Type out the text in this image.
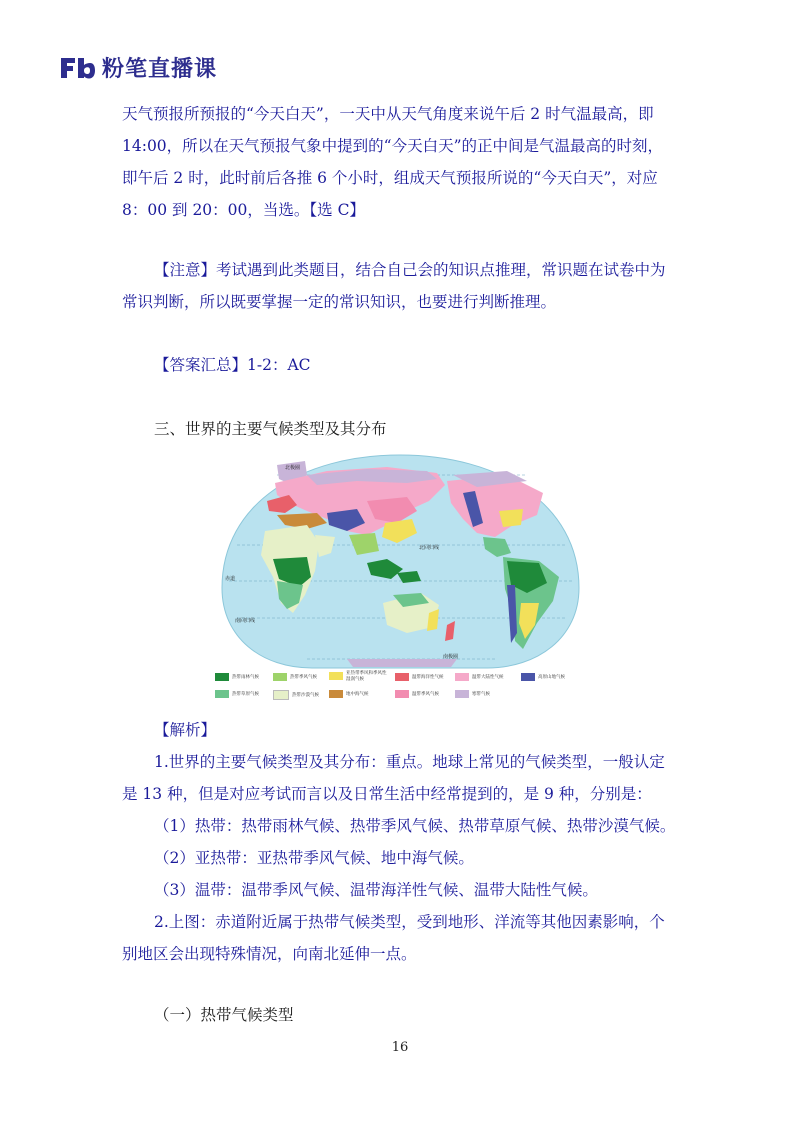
粉笔直播课
天气预报所预报的“今天白天”，一天中从天气角度来说午后 2 时气温最高，即
14:00，所以在天气预报气象中提到的“今天白天”的正中间是气温最高的时刻，
即午后 2 时，此时前后各推 6 个小时，组成天气预报所说的“今天白天”，对应
8：00 到 20：00，当选。【选 C】
【注意】考试遇到此类题目，结合自己会的知识点推理，常识题在试卷中为
常识判断，所以既要掌握一定的常识知识，也要进行判断推理。
【答案汇总】1-2：AC
三、世界的主要气候类型及其分布
北极圈
北回归线
赤道
南回归线
南极圈
热带雨林气候	热带季风气候
亚热带季风和季风性湿润气候	温带海洋性气候	温带大陆性气候	高原山地气候
热带草原气候	热带沙漠气候	地中海气候	温带季风气候	寒带气候
【解析】
1.世界的主要气候类型及其分布：重点。地球上常见的气候类型，一般认定
是 13 种，但是对应考试而言以及日常生活中经常提到的，是 9 种，分别是：
（1）热带：热带雨林气候、热带季风气候、热带草原气候、热带沙漠气候。
（2）亚热带：亚热带季风气候、地中海气候。
（3）温带：温带季风气候、温带海洋性气候、温带大陆性气候。
2.上图：赤道附近属于热带气候类型，受到地形、洋流等其他因素影响，个
别地区会出现特殊情况，向南北延伸一点。
（一）热带气候类型
16
